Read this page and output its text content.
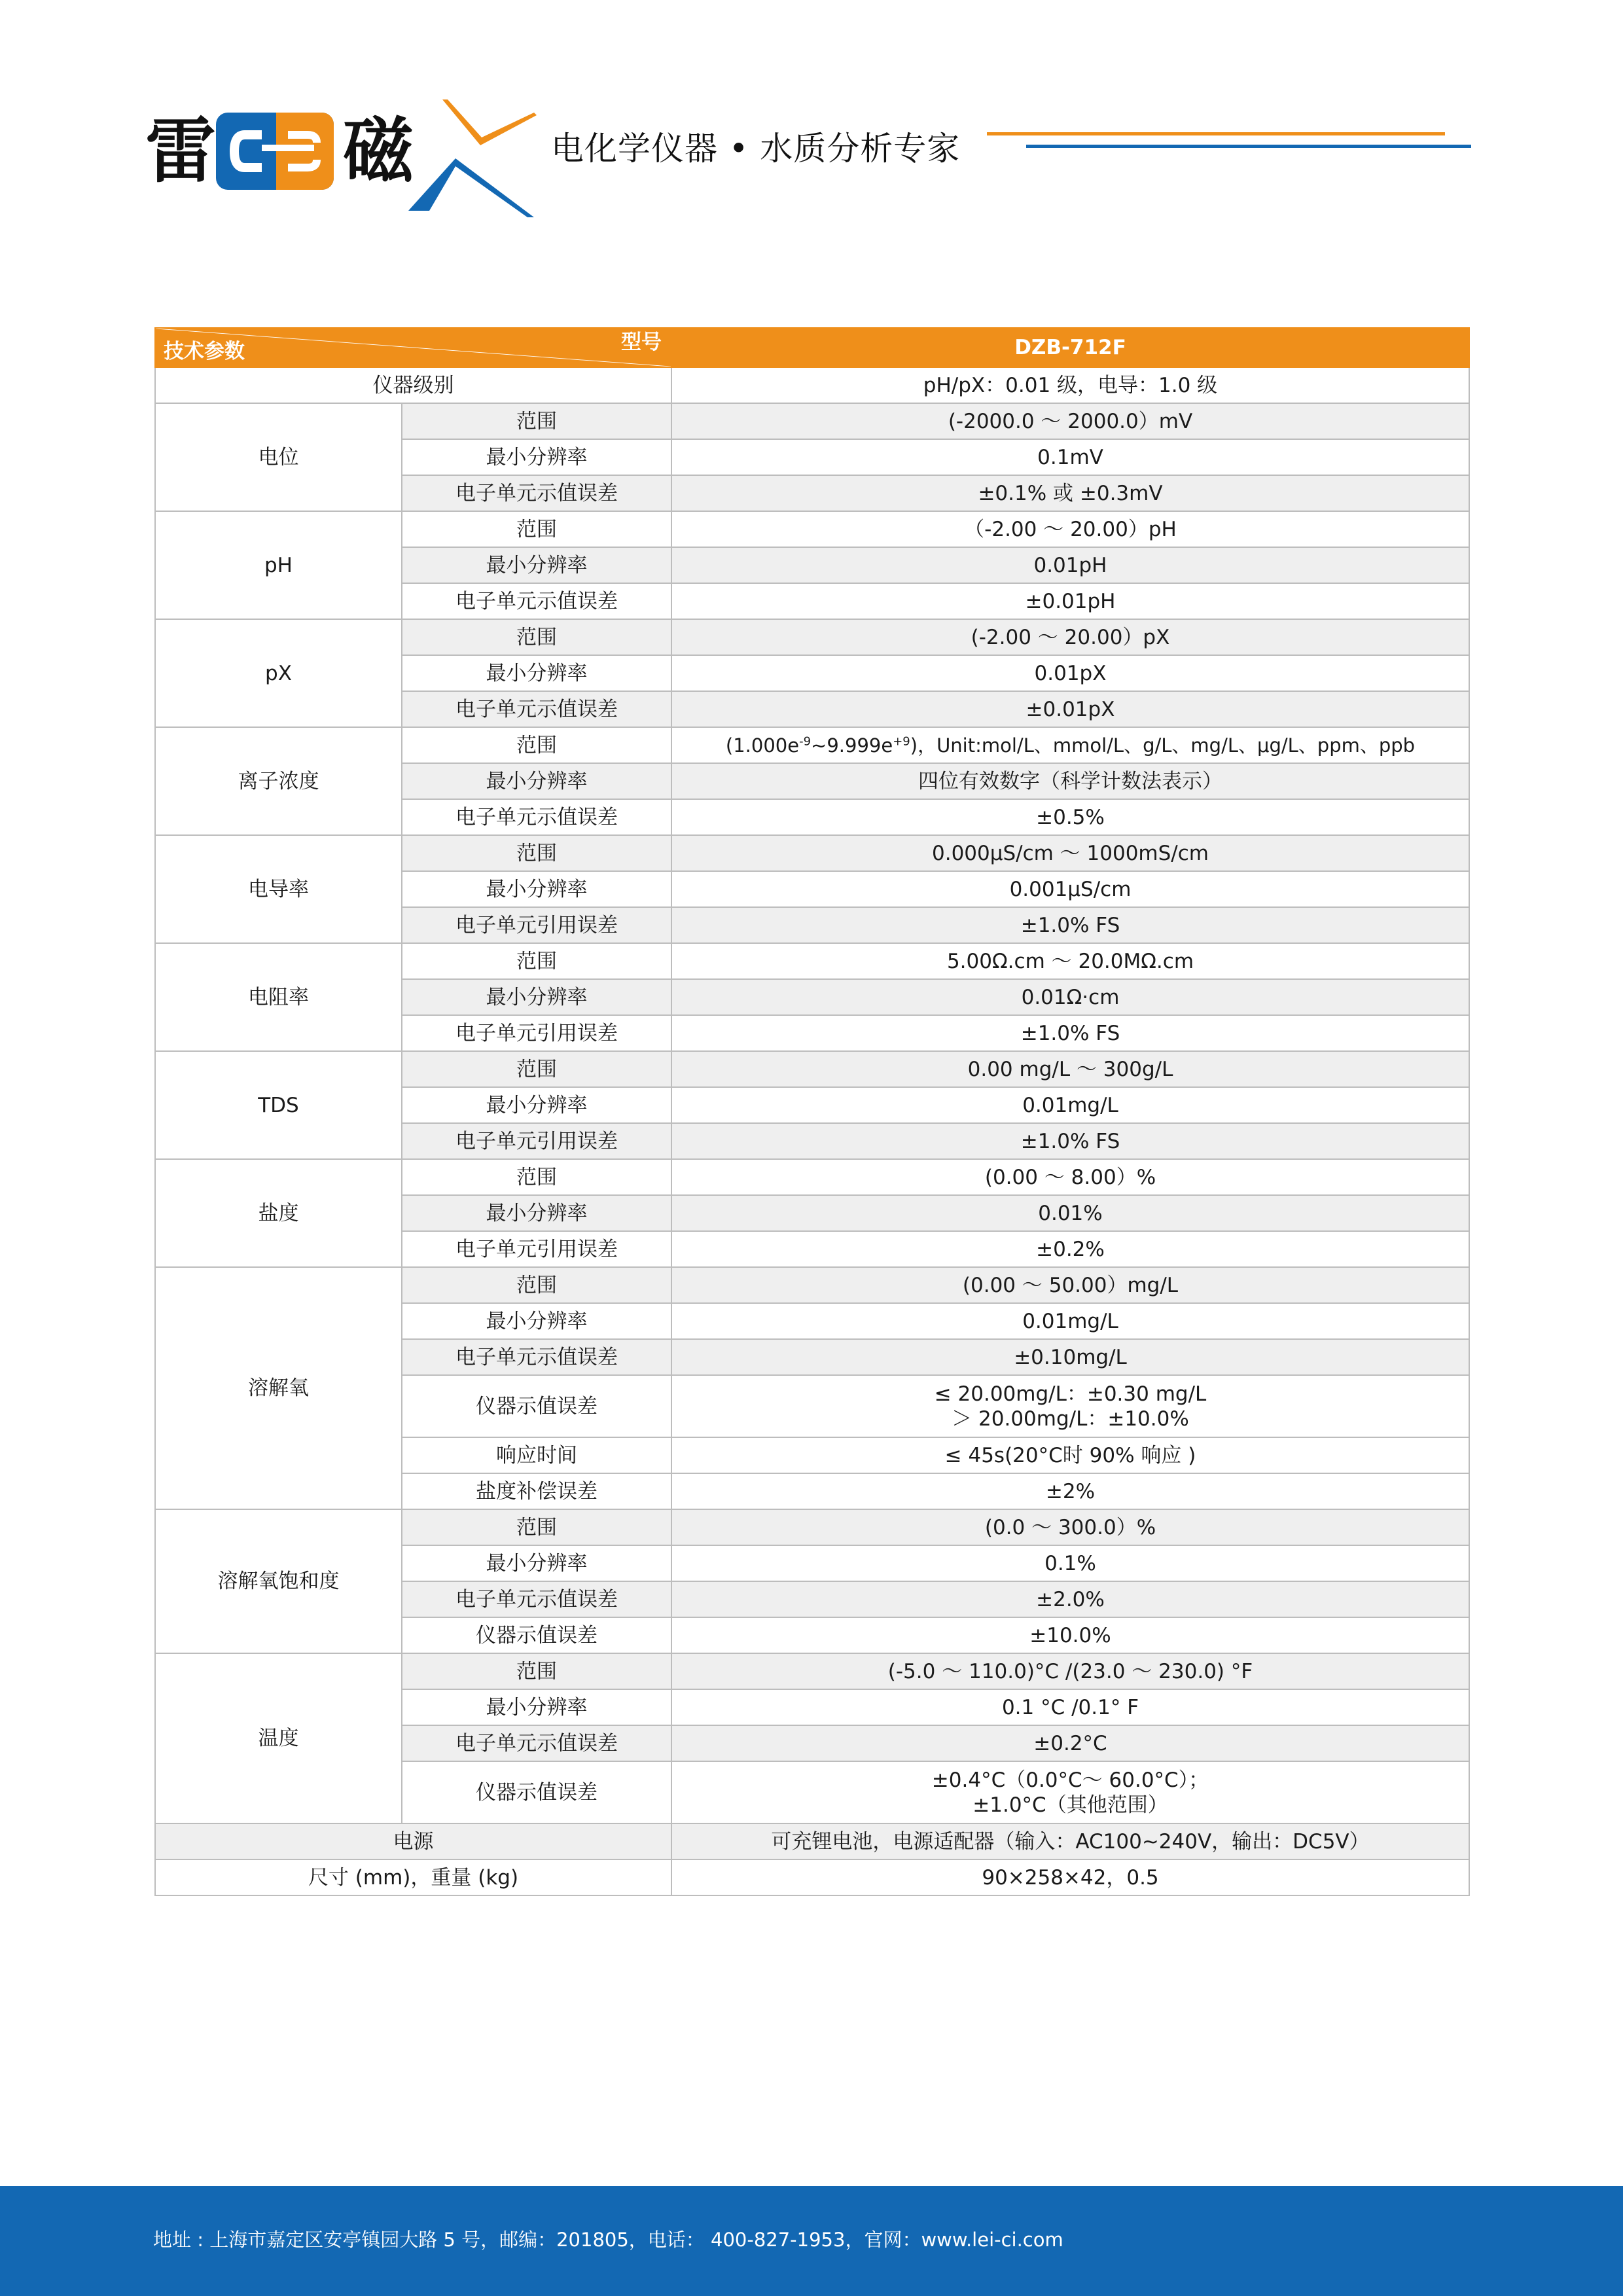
雷 磁	电化学仪器 • 水质分析专家
技术参数 型号		DZB-712F
仪器级别		pH/pX：0.01 级，电导：1.0 级
电位	范围	(-2000.0 ～ 2000.0）mV
	最小分辨率	0.1mV
	电子单元示值误差	±0.1% 或 ±0.3mV
pH	范围	（-2.00 ～ 20.00）pH
	最小分辨率	0.01pH
	电子单元示值误差	±0.01pH
pX	范围	(-2.00 ～ 20.00）pX
	最小分辨率	0.01pX
	电子单元示值误差	±0.01pX
离子浓度	范围	$(1.000e^{-9}\sim 9.999e^{+9})$，Unit:mol/L、mmol/L、g/L、mg/L、μg/L、ppm、ppb
	最小分辨率	四位有效数字（科学计数法表示）
	电子单元示值误差	±0.5%
电导率	范围	0.000μS/cm ～ 1000mS/cm
	最小分辨率	0.001μS/cm
	电子单元引用误差	±1.0% FS
电阻率	范围	5.00Ω.cm ～ 20.0MΩ.cm
	最小分辨率	0.01Ω·cm
	电子单元引用误差	±1.0% FS
TDS	范围	0.00 mg/L ～ 300g/L
	最小分辨率	0.01mg/L
	电子单元引用误差	±1.0% FS
盐度	范围	(0.00 ～ 8.00）%
	最小分辨率	0.01%
	电子单元引用误差	±0.2%
溶解氧	范围	(0.00 ～ 50.00）mg/L
	最小分辨率	0.01mg/L
	电子单元示值误差	±0.10mg/L
	仪器示值误差	≤ 20.00mg/L：±0.30 mg/L
＞ 20.00mg/L：±10.0%

	响应时间	≤ 45s(20°C时 90% 响应 )
	盐度补偿误差	±2%
溶解氧饱和度	范围	(0.0 ～ 300.0）%
	最小分辨率	0.1%
	电子单元示值误差	±2.0%
	仪器示值误差	±10.0%
温度	范围	(-5.0 ～ 110.0)°C /(23.0 ～ 230.0) °F
	最小分辨率	0.1 °C /0.1° F
	电子单元示值误差	±0.2°C
	仪器示值误差	±0.4°C（0.0°C～ 60.0°C）；
±1.0°C（其他范围）

电源		可充锂电池，电源适配器（输入：AC100~240V，输出：DC5V）
尺寸 (mm)，重量 (kg)		90×258×42，0.5
地址 : 上海市嘉定区安亭镇园大路 5 号，邮编：201805，电话： 400-827-1953，官网：www.lei-ci.com
